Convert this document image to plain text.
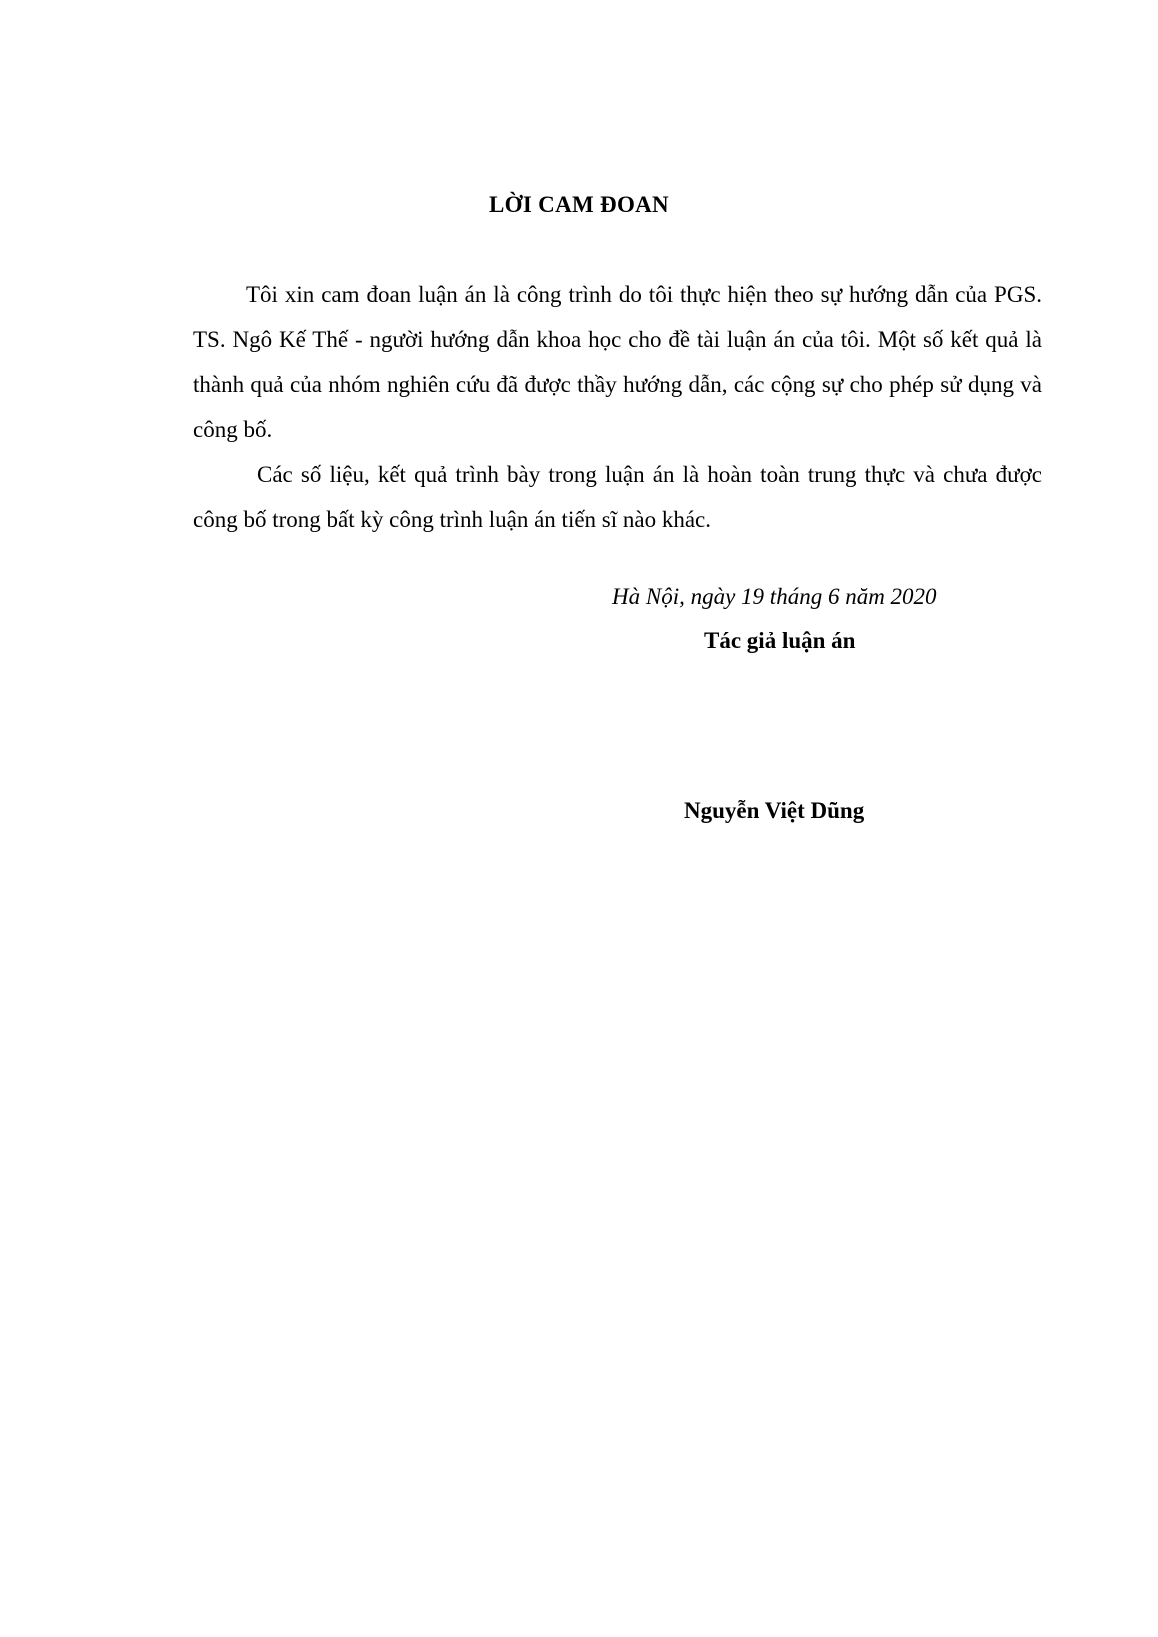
LỜI CAM ĐOAN

Tôi xin cam đoan luận án là công trình do tôi thực hiện theo sự hướng dẫn của PGS. TS. Ngô Kế Thế - người hướng dẫn khoa học cho đề tài luận án của tôi. Một số kết quả là thành quả của nhóm nghiên cứu đã được thầy hướng dẫn, các cộng sự cho phép sử dụng và công bố.

Các số liệu, kết quả trình bày trong luận án là hoàn toàn trung thực và chưa được công bố trong bất kỳ công trình luận án tiến sĩ nào khác.

Hà Nội, ngày 19 tháng 6 năm 2020
Tác giả luận án
Nguyễn Việt Dũng
